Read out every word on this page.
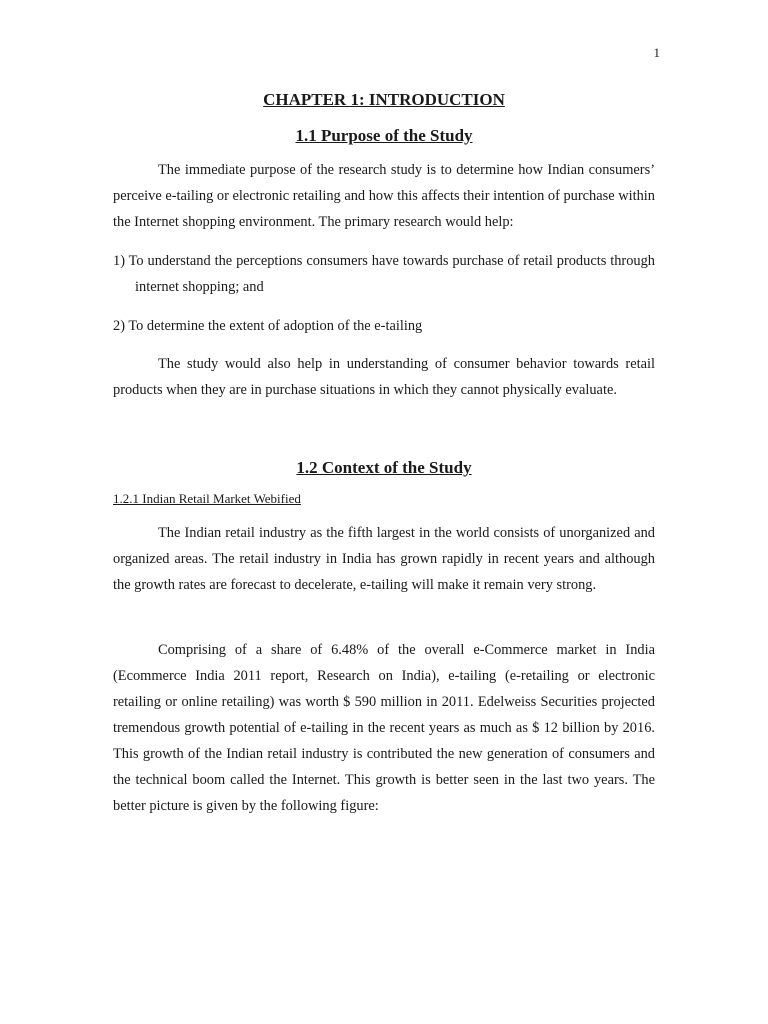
1
CHAPTER 1: INTRODUCTION
1.1 Purpose of the Study

The immediate purpose of the research study is to determine how Indian consumers’ perceive e-tailing or electronic retailing and how this affects their intention of purchase within the Internet shopping environment. The primary research would help:

1) To understand the perceptions consumers have towards purchase of retail products through internet shopping; and

2) To determine the extent of adoption of the e-tailing

The study would also help in understanding of consumer behavior towards retail products when they are in purchase situations in which they cannot physically evaluate.

1.2 Context of the Study
1.2.1 Indian Retail Market Webified

The Indian retail industry as the fifth largest in the world consists of unorganized and organized areas. The retail industry in India has grown rapidly in recent years and although the growth rates are forecast to decelerate, e-tailing will make it remain very strong.

Comprising of a share of 6.48% of the overall e-Commerce market in India (Ecommerce India 2011 report, Research on India), e-tailing (e-retailing or electronic retailing or online retailing) was worth $ 590 million in 2011. Edelweiss Securities projected tremendous growth potential of e-tailing in the recent years as much as $ 12 billion by 2016. This growth of the Indian retail industry is contributed the new generation of consumers and the technical boom called the Internet. This growth is better seen in the last two years. The better picture is given by the following figure:
